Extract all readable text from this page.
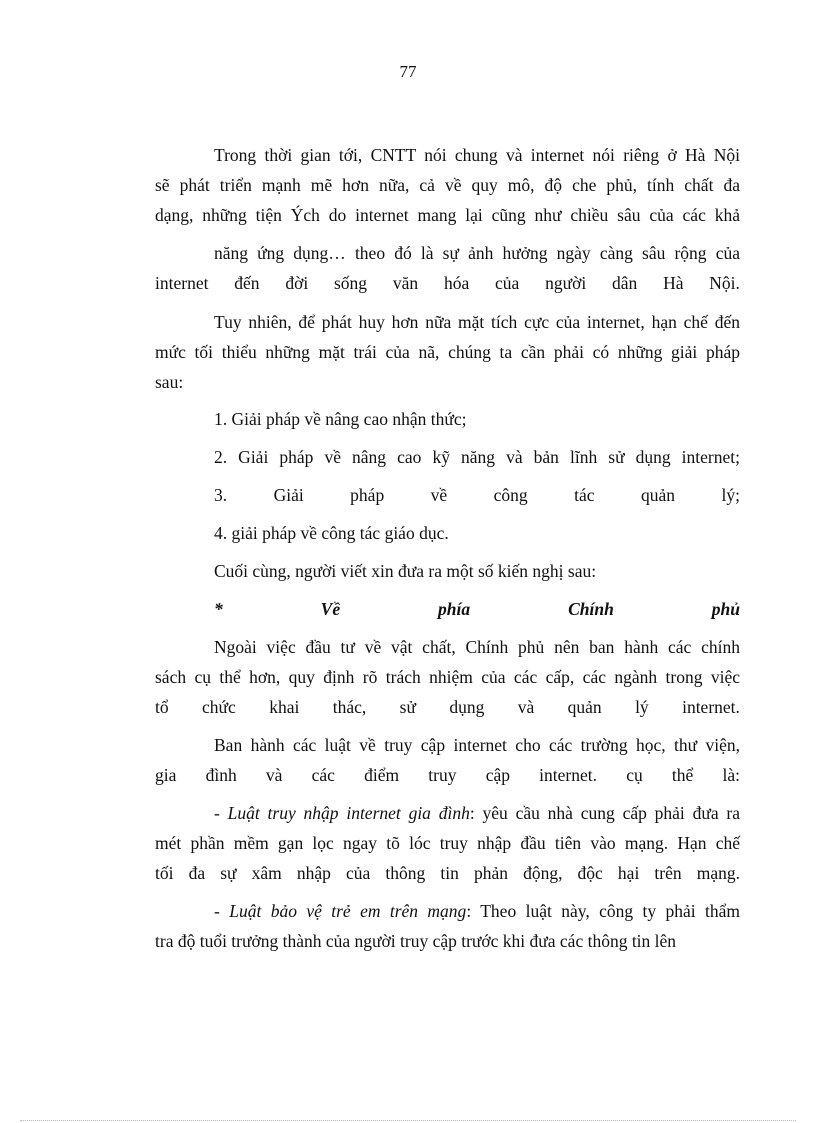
77
Trong thời gian tới, CNTT nói chung và internet nói riêng ở Hà Nội
sẽ phát triển mạnh mẽ hơn nữa, cả về quy mô, độ che phủ, tính chất đa
dạng, những tiện Ých do internet mang lại cũng như chiều sâu của các khả
năng ứng dụng… theo đó là sự ảnh hưởng ngày càng sâu rộng của
internet đến đời sống văn hóa của người dân Hà Nội.
Tuy nhiên, để phát huy hơn nữa mặt tích cực của internet, hạn chế đến
mức tối thiểu những mặt trái của nã, chúng ta cần phải có những giải pháp
sau:
1. Giải pháp về nâng cao nhận thức;
2. Giải pháp về nâng cao kỹ năng và bản lĩnh sử dụng internet;
3.	Giải	pháp	về	công	tác	quản	lý;
4. giải pháp về công tác giáo dục.
Cuối cùng, người viết xin đưa ra một số kiến nghị sau:
*	Về	phía	Chính	phủ
Ngoài việc đầu tư về vật chất, Chính phủ nên ban hành các chính
sách cụ thể hơn, quy định rõ trách nhiệm của các cấp, các ngành trong việc
tổ chức khai thác, sử dụng và quản lý internet.
Ban hành các luật về truy cập internet cho các trường học, thư viện,
gia đình và các điểm truy cập internet. cụ thể là:
- Luật truy nhập internet gia đình: yêu cầu nhà cung cấp phải đưa ra
mét phần mềm gạn lọc ngay tõ lóc truy nhập đầu tiên vào mạng. Hạn chế
tối đa sự xâm nhập của thông tin phản động, độc hại trên mạng.
- Luật bảo vệ trẻ em trên mạng: Theo luật này, công ty phải thẩm
tra độ tuổi trưởng thành của người truy cập trước khi đưa các thông tin lên
